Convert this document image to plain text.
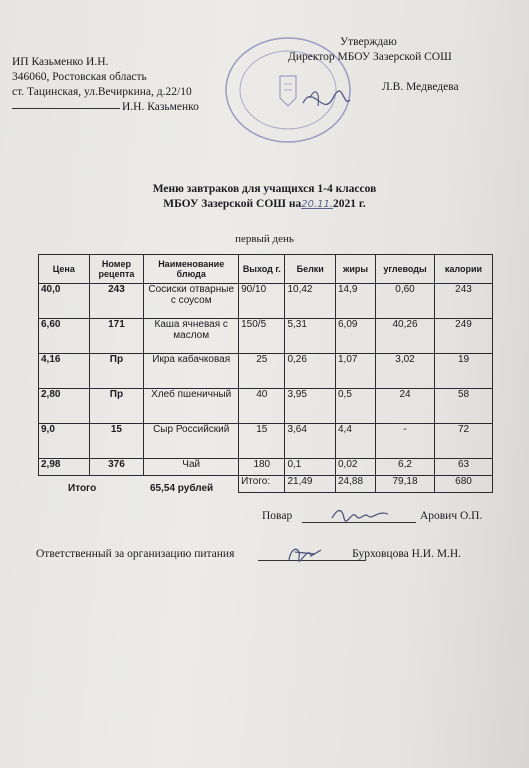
ИП Казьменко И.Н.
346060, Ростовская область
ст. Тацинская, ул.Вечиркина, д.22/10
И.Н. Казьменко
Утверждаю
Директор МБОУ Зазерской СОШ
Л.В. Медведева
Меню завтраков для учащихся 1-4 классов
МБОУ Зазерской СОШ на20.11.2021 г.
первый день
Цена	Номер рецепта	Наименование блюда	Выход г.	Белки	жиры	углеводы	калории
40,0	243	Сосиски отварные с соусом	90/10	10,42	14,9	0,60	243
6,60	171	Каша ячневая с маслом	150/5	5,31	6,09	40,26	249
4,16	Пр	Икра кабачковая	25	0,26	1,07	3,02	19
2,80	Пр	Хлеб пшеничный	40	3,95	0,5	24	58
9,0	15	Сыр Российский	15	3,64	4,4	-	72
2,98	376	Чай	180	0,1	0,02	6,2	63
			Итого:	21,49	24,88	79,18	680
Итого	65,54 рублей
Повар	Арович О.П.
Ответственный за организацию питания	Бурховцова Н.И. М.Н.
